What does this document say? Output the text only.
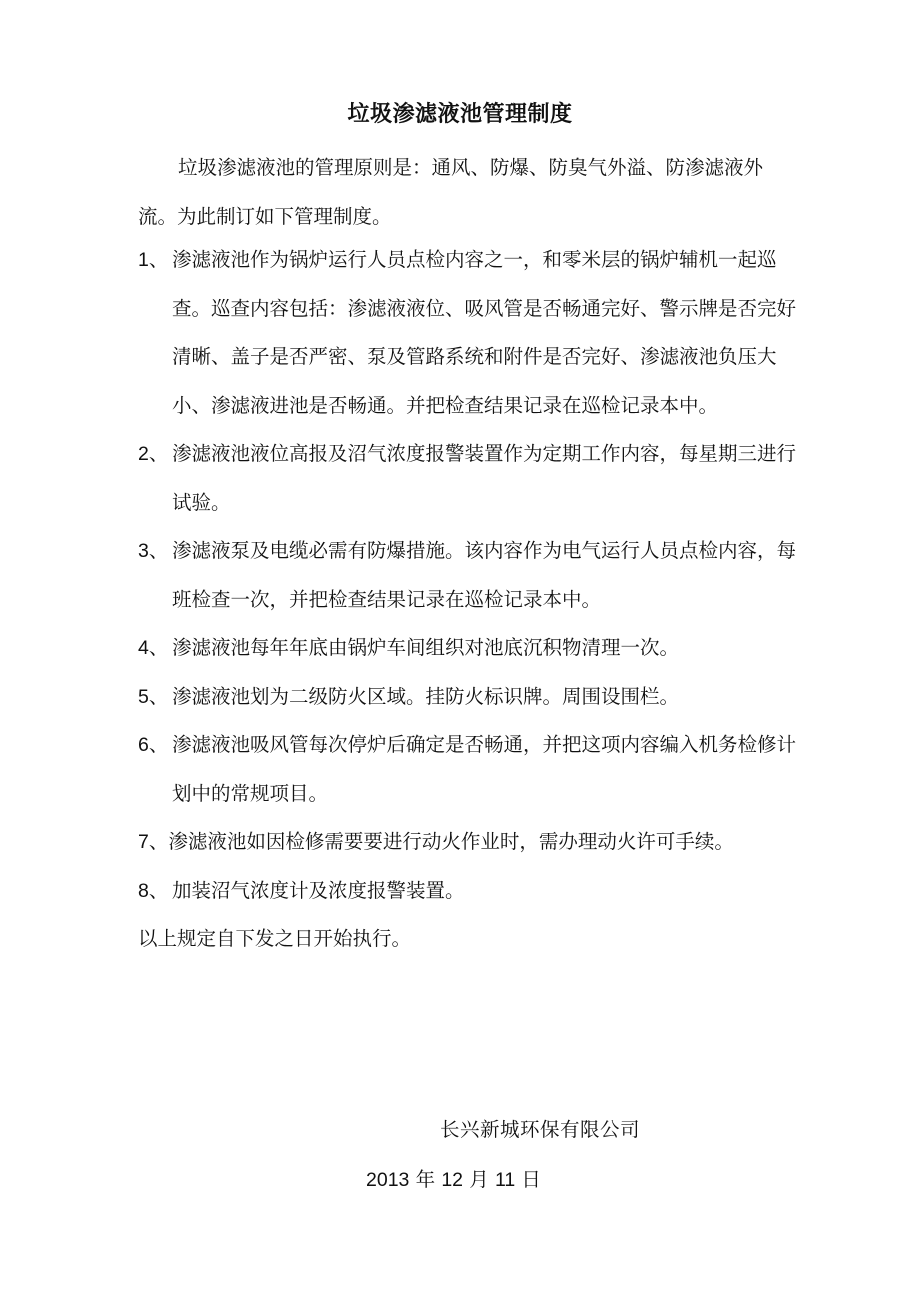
垃圾渗滤液池管理制度

垃圾渗滤液池的管理原则是：通风、防爆、防臭气外溢、防渗滤液外流。为此制订如下管理制度。

1、 渗滤液池作为锅炉运行人员点检内容之一，和零米层的锅炉辅机一起巡查。巡查内容包括：渗滤液液位、吸风管是否畅通完好、警示牌是否完好清晰、盖子是否严密、泵及管路系统和附件是否完好、渗滤液池负压大小、渗滤液进池是否畅通。并把检查结果记录在巡检记录本中。
2、 渗滤液池液位高报及沼气浓度报警装置作为定期工作内容，每星期三进行试验。
3、 渗滤液泵及电缆必需有防爆措施。该内容作为电气运行人员点检内容，每班检查一次，并把检查结果记录在巡检记录本中。
4、 渗滤液池每年年底由锅炉车间组织对池底沉积物清理一次。
5、 渗滤液池划为二级防火区域。挂防火标识牌。周围设围栏。
6、 渗滤液池吸风管每次停炉后确定是否畅通，并把这项内容编入机务检修计划中的常规项目。
7、渗滤液池如因检修需要要进行动火作业时，需办理动火许可手续。
8、 加装沼气浓度计及浓度报警装置。
以上规定自下发之日开始执行。
长兴新城环保有限公司
2013 年 12 月 11 日
